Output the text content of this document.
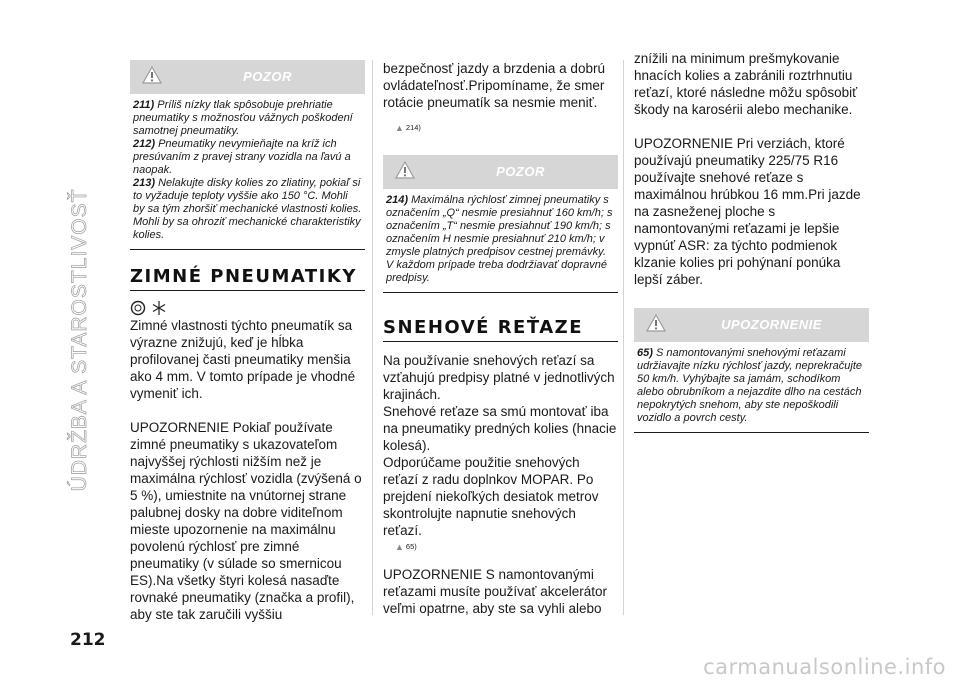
ÚDRŽBA A STAROSTLIVOSŤ
212
carmanualsonline.info
POZOR

211) Príliš nízky tlak spôsobuje prehriatie pneumatiky s možnosťou vážnych poškodení samotnej pneumatiky.

212) Pneumatiky nevymieňajte na kríž ich presúvaním z pravej strany vozidla na ľavú a naopak.

213) Nelakujte disky kolies zo zliatiny, pokiaľ si to vyžaduje teploty vyššie ako 150 °C. Mohli by sa tým zhoršiť mechanické vlastnosti kolies. Mohli by sa ohroziť mechanické charakteristiky kolies.

ZIMNÉ PNEUMATIKY

Zimné vlastnosti týchto pneumatík sa výrazne znižujú, keď je hĺbka profilovanej časti pneumatiky menšia ako 4 mm. V tomto prípade je vhodné vymeniť ich.

UPOZORNENIE Pokiaľ používate zimné pneumatiky s ukazovateľom najvyššej rýchlosti nižším než je maximálna rýchlosť vozidla (zvýšená o 5 %), umiestnite na vnútornej strane palubnej dosky na dobre viditeľnom mieste upozornenie na maximálnu povolenú rýchlosť pre zimné pneumatiky (v súlade so smernicou ES).Na všetky štyri kolesá nasaďte rovnaké pneumatiky (značka a profil), aby ste tak zaručili vyššiu

bezpečnosť jazdy a brzdenia a dobrú ovládateľnosť.Pripomíname, že smer rotácie pneumatík sa nesmie meniť.

▲ 214)
POZOR

214) Maximálna rýchlosť zimnej pneumatiky s označením „Q“ nesmie presiahnuť 160 km/h; s označením „T“ nesmie presiahnuť 190 km/h; s označením H nesmie presiahnuť 210 km/h; v zmysle platných predpisov cestnej premávky. V každom prípade treba dodržiavať dopravné predpisy.

SNEHOVÉ REŤAZE

Na používanie snehových reťazí sa vzťahujú predpisy platné v jednotlivých krajinách.

Snehové reťaze sa smú montovať iba na pneumatiky predných kolies (hnacie kolesá).

Odporúčame použitie snehových reťazí z radu doplnkov MOPAR. Po prejdení niekoľkých desiatok metrov skontrolujte napnutie snehových reťazí.

▲ 65)

UPOZORNENIE S namontovanými reťazami musíte používať akcelerátor veľmi opatrne, aby ste sa vyhli alebo

znížili na minimum prešmykovanie hnacích kolies a zabránili roztrhnutiu reťazí, ktoré následne môžu spôsobiť škody na karosérii alebo mechanike.

UPOZORNENIE Pri verziách, ktoré používajú pneumatiky 225/75 R16 používajte snehové reťaze s maximálnou hrúbkou 16 mm.Pri jazde na zasneženej ploche s namontovanými reťazami je lepšie vypnúť ASR: za týchto podmienok klzanie kolies pri pohýnaní ponúka lepší záber.

UPOZORNENIE

65) S namontovanými snehovými reťazami udržiavajte nízku rýchlosť jazdy, neprekračujte 50 km/h. Vyhýbajte sa jamám, schodíkom alebo obrubníkom a nejazdite dlho na cestách nepokrytých snehom, aby ste nepoškodili vozidlo a povrch cesty.
